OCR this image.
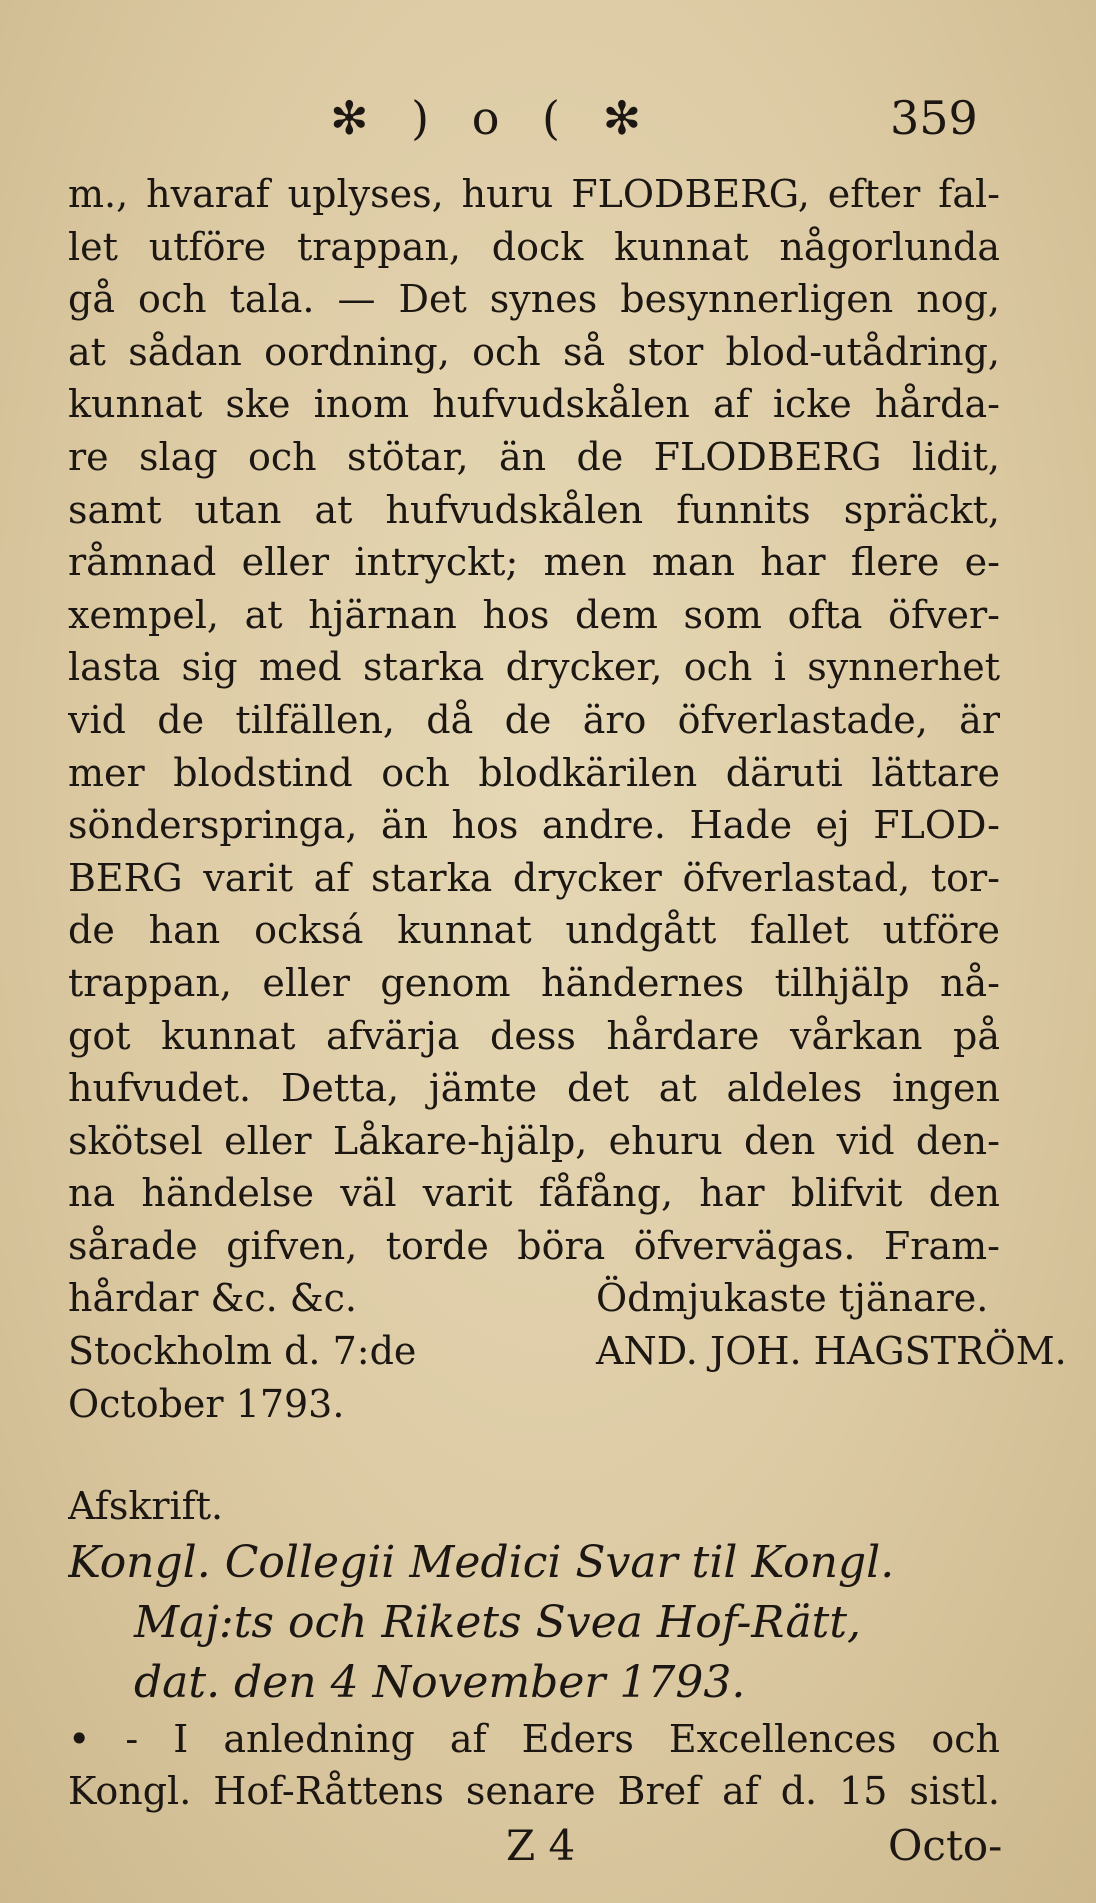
✻ ) o ( ✻	359
m., hvaraf uplyses, huru FLODBERG, efter fal-
let utföre trappan, dock kunnat någorlunda
gå och tala. — Det synes besynnerligen nog,
at sådan oordning, och så stor blod-utådring,
kunnat ske inom hufvudskålen af icke hårda-
re slag och stötar, än de FLODBERG lidit,
samt utan at hufvudskålen funnits spräckt,
råmnad eller intryckt; men man har flere e-
xempel, at hjärnan hos dem som ofta öfver-
lasta sig med starka drycker, och i synnerhet
vid de tilfällen, då de äro öfverlastade, är
mer blodstind och blodkärilen däruti lättare
sönderspringa, än hos andre. Hade ej FLOD-
BERG varit af starka drycker öfverlastad, tor-
de han ocksá kunnat undgått fallet utföre
trappan, eller genom händernes tilhjälp nå-
got kunnat afvärja dess hårdare vårkan på
hufvudet. Detta, jämte det at aldeles ingen
skötsel eller Låkare-hjälp, ehuru den vid den-
na händelse väl varit fåfång, har blifvit den
sårade gifven, torde böra öfvervägas. Fram-
hårdar &c. &c.	Ödmjukaste tjänare.
Stockholm d. 7:de	AND. JOH. HAGSTRÖM.
October 1793.
Afskrift.
Kongl. Collegii Medici Svar til Kongl.
Maj:ts och Rikets Svea Hof-Rätt,
dat. den 4 November 1793.
• - I anledning af Eders Excellences och
Kongl. Hof-Råttens senare Bref af d. 15 sistl.
Z 4	Octo-
